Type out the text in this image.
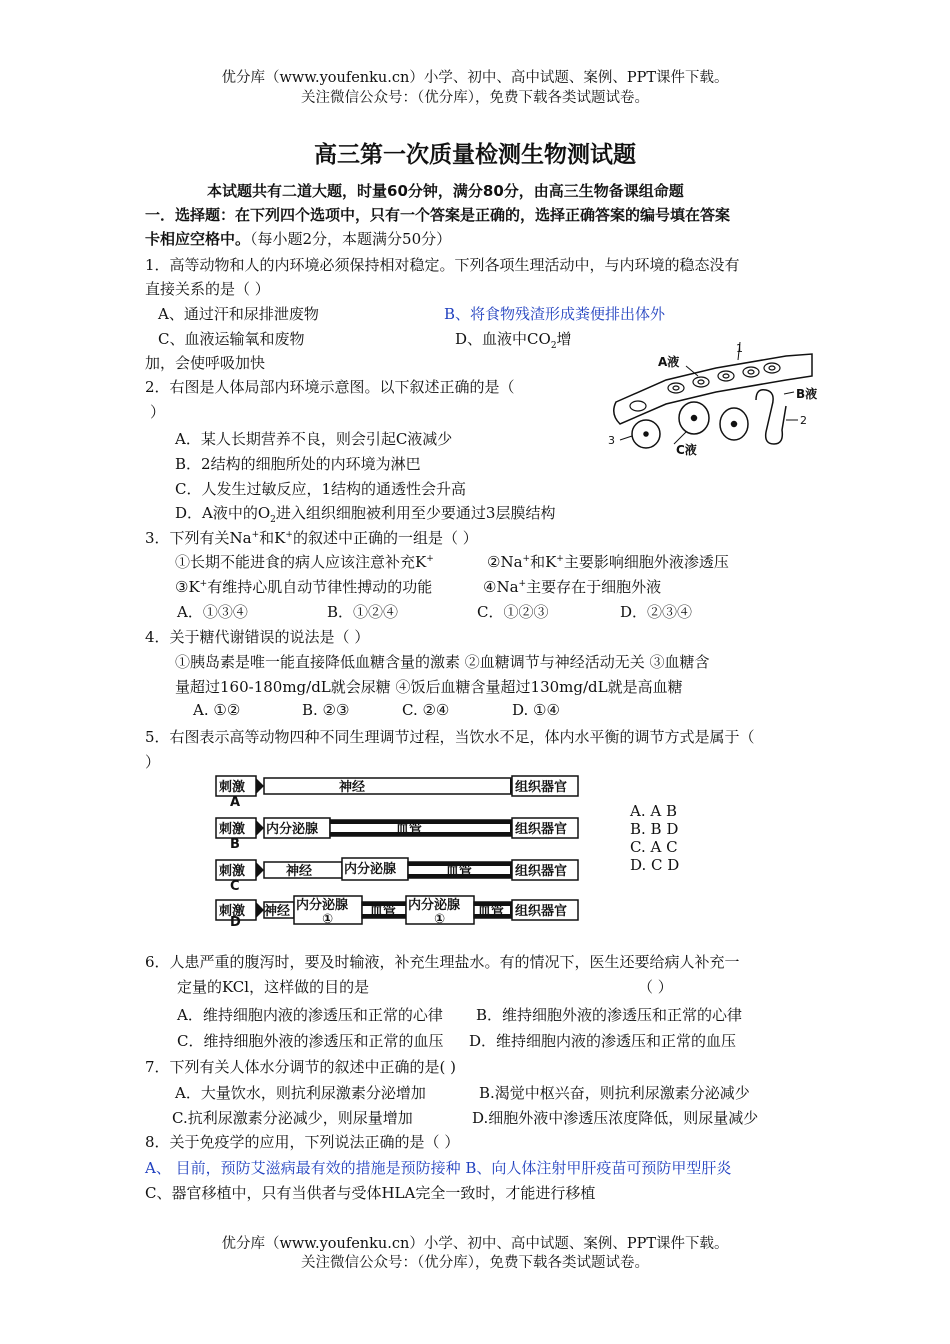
优分库（www.youfenku.cn）小学、初中、高中试题、案例、PPT课件下载。
关注微信公众号：（优分库），免费下载各类试题试卷。
高三第一次质量检测生物测试题
本试题共有二道大题，时量60分钟，满分80分，由高三生物备课组命题
一．选择题：在下列四个选项中，只有一个答案是正确的，选择正确答案的编号填在答案
卡相应空格中。（每小题2分，本题满分50分）
1．高等动物和人的内环境必须保持相对稳定。下列各项生理活动中，与内环境的稳态没有
直接关系的是（ ）
A、通过汗和尿排泄废物	B、将食物残渣形成粪便排出体外
C、血液运输氧和废物	D、血液中$CO_2$增
加，会使呼吸加快	A液
B液
C液
1
2
3
2．右图是人体局部内环境示意图。以下叙述正确的是（
）
A．某人长期营养不良，则会引起C液减少
B．2结构的细胞所处的内环境为淋巴
C．人发生过敏反应，1结构的通透性会升高
D．A液中的$O_2$进入组织细胞被利用至少要通过3层膜结构
3．下列有关Na+和K+的叙述中正确的一组是（ ）
①长期不能进食的病人应该注意补充K+	②Na+和K+主要影响细胞外液渗透压
③K+有维持心肌自动节律性搏动的功能	④Na+主要存在于细胞外液
A．①③④	B．①②④	C．①②③	D．②③④
4．关于糖代谢错误的说法是（ ）
①胰岛素是唯一能直接降低血糖含量的激素 ②血糖调节与神经活动无关 ③血糖含
量超过160-180mg/dL就会尿糖 ④饭后血糖含量超过130mg/dL就是高血糖
A. ①②	B. ②③	C. ②④	D. ①④
5．右图表示高等动物四种不同生理调节过程，当饮水不足，体内水平衡的调节方式是属于（
）
刺激
A
神经	组织器官
刺激
B
内分泌腺	血管	组织器官
刺激
C
神经 内分泌腺	血管	组织器官
刺激
D
神经 内分泌腺
①
血管 内分泌腺
①
血管 组织器官
A. A B
B. B D
C. A C
D. C D
6．人患严重的腹泻时，要及时输液，补充生理盐水。有的情况下，医生还要给病人补充一
定量的KCl，这样做的目的是	（ ）
A．维持细胞内液的渗透压和正常的心律 B．维持细胞外液的渗透压和正常的心律
C．维持细胞外液的渗透压和正常的血压 D．维持细胞内液的渗透压和正常的血压
7．下列有关人体水分调节的叙述中正确的是( )
A．大量饮水，则抗利尿激素分泌增加	B.渴觉中枢兴奋，则抗利尿激素分泌减少
C.抗利尿激素分泌减少，则尿量增加	D.细胞外液中渗透压浓度降低，则尿量减少
8．关于免疫学的应用，下列说法正确的是（ ）
A、 目前，预防艾滋病最有效的措施是预防接种 B、向人体注射甲肝疫苗可预防甲型肝炎
C、器官移植中，只有当供者与受体HLA完全一致时，才能进行移植
优分库（www.youfenku.cn）小学、初中、高中试题、案例、PPT课件下载。
关注微信公众号：（优分库），免费下载各类试题试卷。
